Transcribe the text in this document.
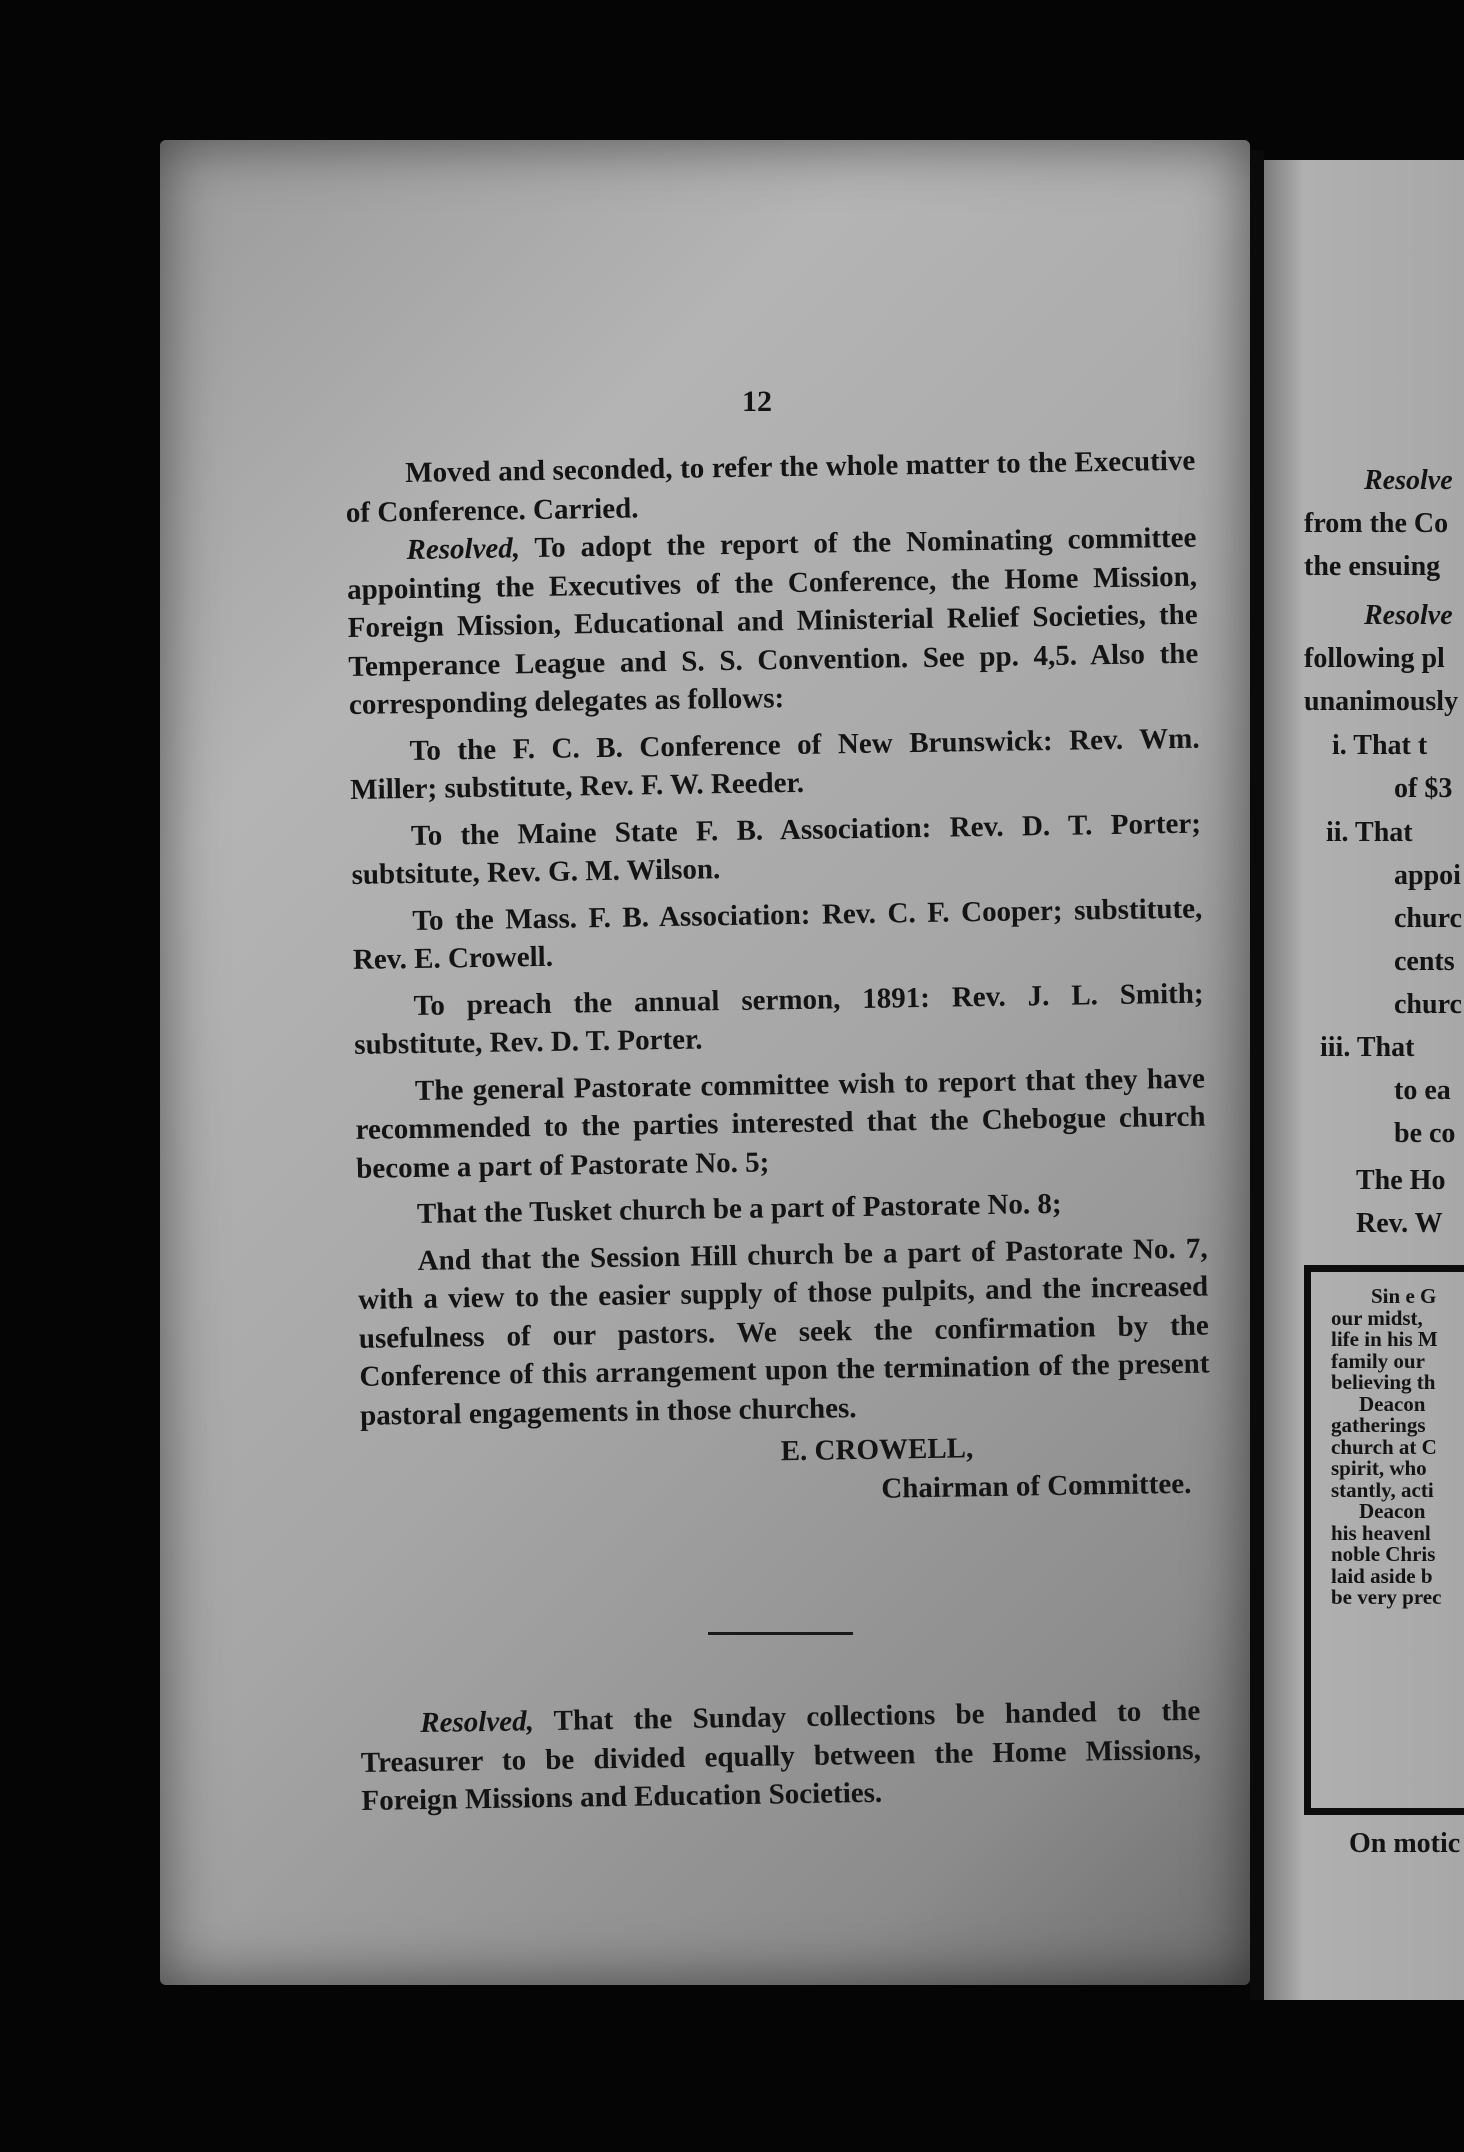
12

Moved and seconded, to refer the whole matter to the Executive of Conference. Carried.

Resolved, To adopt the report of the Nominating committee appointing the Executives of the Conference, the Home Mission, Foreign Mission, Educational and Ministerial Relief Societies, the Temperance League and S. S. Convention. See pp. 4,5. Also the corresponding delegates as follows:

To the F. C. B. Conference of New Brunswick: Rev. Wm. Miller; substitute, Rev. F. W. Reeder.

To the Maine State F. B. Association: Rev. D. T. Porter; subtsitute, Rev. G. M. Wilson.

To the Mass. F. B. Association: Rev. C. F. Cooper; substitute, Rev. E. Crowell.

To preach the annual sermon, 1891: Rev. J. L. Smith; substitute, Rev. D. T. Porter.

The general Pastorate committee wish to report that they have recommended to the parties interested that the Chebogue church become a part of Pastorate No. 5;

That the Tusket church be a part of Pastorate No. 8;

And that the Session Hill church be a part of Pastorate No. 7, with a view to the easier supply of those pulpits, and the increased usefulness of our pastors. We seek the confirmation by the Conference of this arrangement upon the termination of the present pastoral engagements in those churches.

E. CROWELL,
Chairman of Committee.

Resolved, That the Sunday collections be handed to the Treasurer to be divided equally between the Home Missions, Foreign Missions and Education Societies.

Resolve
from the Co
the ensuing
Resolve
following pl
unanimously
i. That t
of $3
ii. That
appoi
churc
cents
churc
iii. That
to ea
be co
The Ho
Rev. W
Sin e G
our midst,
life in his M
family our
believing th
Deacon
gatherings
church at C
spirit, who
stantly, acti
Deacon
his heavenl
noble Chris
laid aside b
be very prec
On motic
